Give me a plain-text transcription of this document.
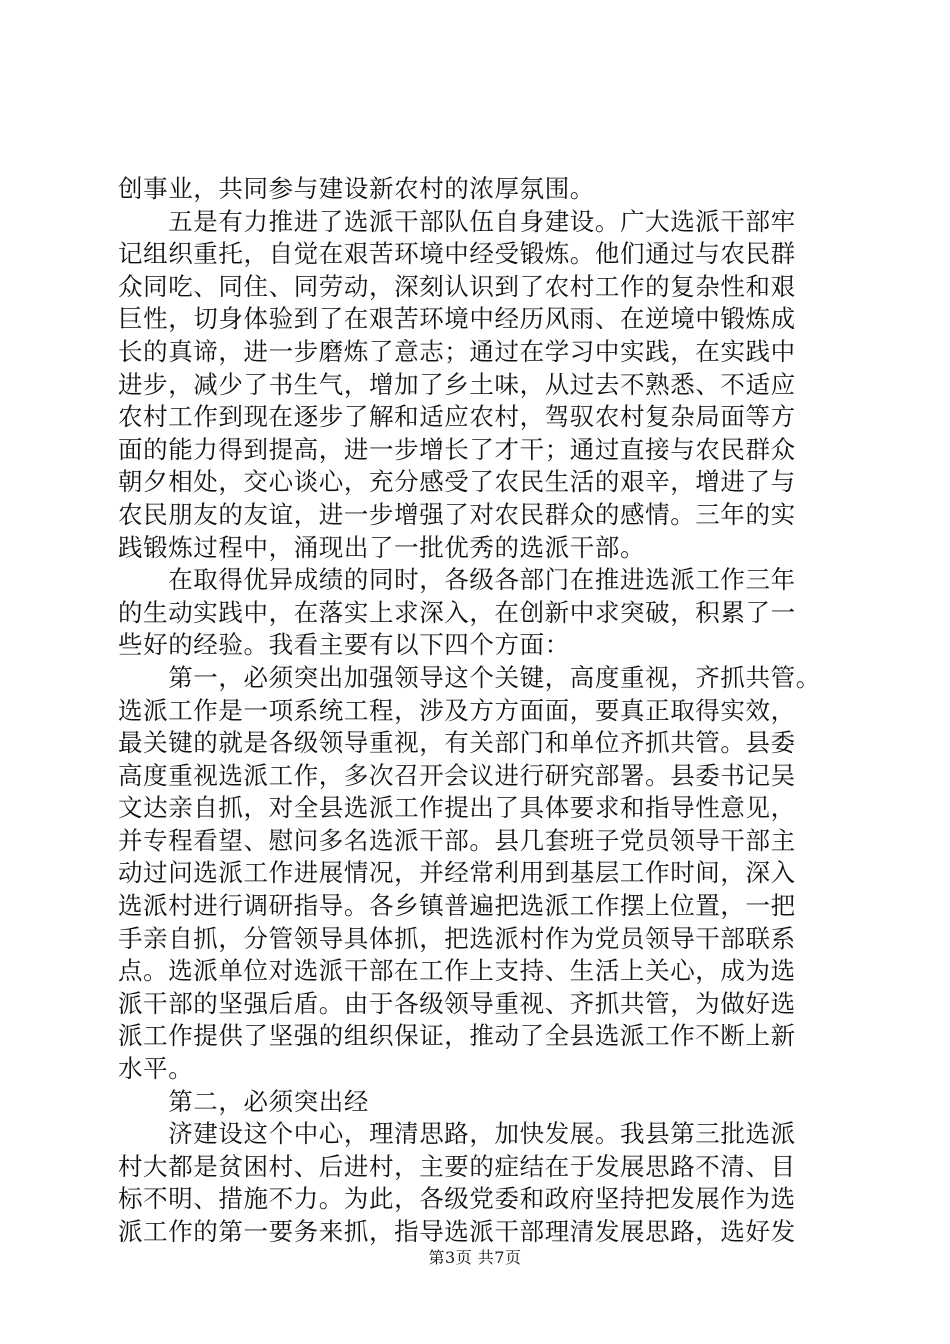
创事业，共同参与建设新农村的浓厚氛围。
　　五是有力推进了选派干部队伍自身建设。广大选派干部牢
记组织重托，自觉在艰苦环境中经受锻炼。他们通过与农民群
众同吃、同住、同劳动，深刻认识到了农村工作的复杂性和艰
巨性，切身体验到了在艰苦环境中经历风雨、在逆境中锻炼成
长的真谛，进一步磨炼了意志；通过在学习中实践，在实践中
进步，减少了书生气，增加了乡土味，从过去不熟悉、不适应
农村工作到现在逐步了解和适应农村，驾驭农村复杂局面等方
面的能力得到提高，进一步增长了才干；通过直接与农民群众
朝夕相处，交心谈心，充分感受了农民生活的艰辛，增进了与
农民朋友的友谊，进一步增强了对农民群众的感情。三年的实
践锻炼过程中，涌现出了一批优秀的选派干部。
　　在取得优异成绩的同时，各级各部门在推进选派工作三年
的生动实践中，在落实上求深入，在创新中求突破，积累了一
些好的经验。我看主要有以下四个方面：
　　第一，必须突出加强领导这个关键，高度重视，齐抓共管。
选派工作是一项系统工程，涉及方方面面，要真正取得实效，
最关键的就是各级领导重视，有关部门和单位齐抓共管。县委
高度重视选派工作，多次召开会议进行研究部署。县委书记吴
文达亲自抓，对全县选派工作提出了具体要求和指导性意见，
并专程看望、慰问多名选派干部。县几套班子党员领导干部主
动过问选派工作进展情况，并经常利用到基层工作时间，深入
选派村进行调研指导。各乡镇普遍把选派工作摆上位置，一把
手亲自抓，分管领导具体抓，把选派村作为党员领导干部联系
点。选派单位对选派干部在工作上支持、生活上关心，成为选
派干部的坚强后盾。由于各级领导重视、齐抓共管，为做好选
派工作提供了坚强的组织保证，推动了全县选派工作不断上新
水平。
　　第二，必须突出经
　　济建设这个中心，理清思路，加快发展。我县第三批选派
村大都是贫困村、后进村，主要的症结在于发展思路不清、目
标不明、措施不力。为此，各级党委和政府坚持把发展作为选
派工作的第一要务来抓，指导选派干部理清发展思路，选好发
第3页 共7页
